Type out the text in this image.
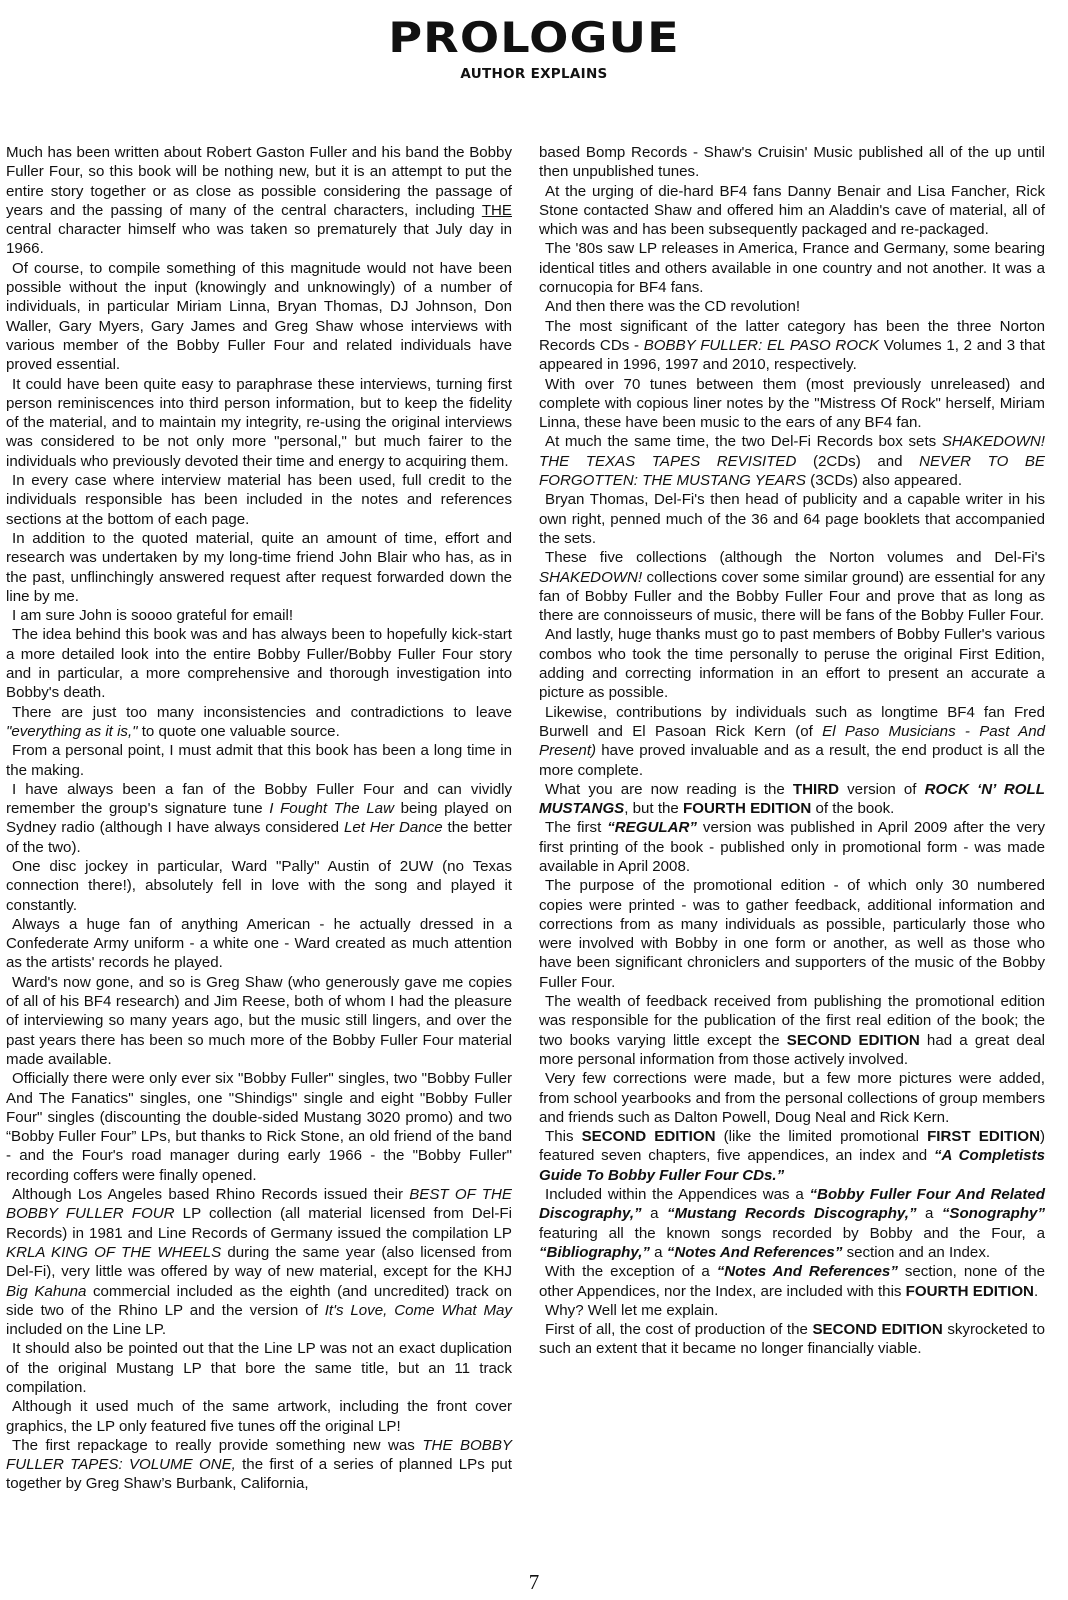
PROLOGUE
AUTHOR EXPLAINS

Much has been written about Robert Gaston Fuller and his band the Bobby Fuller Four, so this book will be nothing new, but it is an attempt to put the entire story together or as close as possible considering the passage of years and the passing of many of the central characters, including THE central character himself who was taken so prematurely that July day in 1966.

Of course, to compile something of this magnitude would not have been possible without the input (knowingly and unknowingly) of a number of individuals, in particular Miriam Linna, Bryan Thomas, DJ Johnson, Don Waller, Gary Myers, Gary James and Greg Shaw whose interviews with various member of the Bobby Fuller Four and related individuals have proved essential.

It could have been quite easy to paraphrase these interviews, turning first person reminiscences into third person information, but to keep the fidelity of the material, and to maintain my integrity, re-using the original interviews was considered to be not only more "personal," but much fairer to the individuals who previously devoted their time and energy to acquiring them.

In every case where interview material has been used, full credit to the individuals responsible has been included in the notes and references sections at the bottom of each page.

In addition to the quoted material, quite an amount of time, effort and research was undertaken by my long-time friend John Blair who has, as in the past, unflinchingly answered request after request forwarded down the line by me.

I am sure John is soooo grateful for email!

The idea behind this book was and has always been to hopefully kick-start a more detailed look into the entire Bobby Fuller/Bobby Fuller Four story and in particular, a more comprehensive and thorough investigation into Bobby's death.

There are just too many inconsistencies and contradictions to leave "everything as it is," to quote one valuable source.

From a personal point, I must admit that this book has been a long time in the making.

I have always been a fan of the Bobby Fuller Four and can vividly remember the group's signature tune I Fought The Law being played on Sydney radio (although I have always considered Let Her Dance the better of the two).

One disc jockey in particular, Ward "Pally" Austin of 2UW (no Texas connection there!), absolutely fell in love with the song and played it constantly.

Always a huge fan of anything American - he actually dressed in a Confederate Army uniform - a white one - Ward created as much attention as the artists' records he played.

Ward's now gone, and so is Greg Shaw (who generously gave me copies of all of his BF4 research) and Jim Reese, both of whom I had the pleasure of interviewing so many years ago, but the music still lingers, and over the past years there has been so much more of the Bobby Fuller Four material made available.

Officially there were only ever six "Bobby Fuller" singles, two "Bobby Fuller And The Fanatics" singles, one "Shindigs" single and eight "Bobby Fuller Four" singles (discounting the double-sided Mustang 3020 promo) and two “Bobby Fuller Four” LPs, but thanks to Rick Stone, an old friend of the band - and the Four's road manager during early 1966 - the "Bobby Fuller" recording coffers were finally opened.

Although Los Angeles based Rhino Records issued their BEST OF THE BOBBY FULLER FOUR LP collection (all material licensed from Del-Fi Records) in 1981 and Line Records of Germany issued the compilation LP KRLA KING OF THE WHEELS during the same year (also licensed from Del-Fi), very little was offered by way of new material, except for the KHJ Big Kahuna commercial included as the eighth (and uncredited) track on side two of the Rhino LP and the version of It's Love, Come What May included on the Line LP.

It should also be pointed out that the Line LP was not an exact duplication of the original Mustang LP that bore the same title, but an 11 track compilation.

Although it used much of the same artwork, including the front cover graphics, the LP only featured five tunes off the original LP!

The first repackage to really provide something new was THE BOBBY FULLER TAPES: VOLUME ONE, the first of a series of planned LPs put together by Greg Shaw’s Burbank, California,

based Bomp Records - Shaw's Cruisin' Music published all of the up until then unpublished tunes.

At the urging of die-hard BF4 fans Danny Benair and Lisa Fancher, Rick Stone contacted Shaw and offered him an Aladdin's cave of material, all of which was and has been subsequently packaged and re-packaged.

The '80s saw LP releases in America, France and Germany, some bearing identical titles and others available in one country and not another. It was a cornucopia for BF4 fans.

And then there was the CD revolution!

The most significant of the latter category has been the three Norton Records CDs - BOBBY FULLER: EL PASO ROCK Volumes 1, 2 and 3 that appeared in 1996, 1997 and 2010, respectively.

With over 70 tunes between them (most previously unreleased) and complete with copious liner notes by the "Mistress Of Rock" herself, Miriam Linna, these have been music to the ears of any BF4 fan.

At much the same time, the two Del-Fi Records box sets SHAKEDOWN! THE TEXAS TAPES REVISITED (2CDs) and NEVER TO BE FORGOTTEN: THE MUSTANG YEARS (3CDs) also appeared.

Bryan Thomas, Del-Fi's then head of publicity and a capable writer in his own right, penned much of the 36 and 64 page booklets that accompanied the sets.

These five collections (although the Norton volumes and Del-Fi's SHAKEDOWN! collections cover some similar ground) are essential for any fan of Bobby Fuller and the Bobby Fuller Four and prove that as long as there are connoisseurs of music, there will be fans of the Bobby Fuller Four.

And lastly, huge thanks must go to past members of Bobby Fuller's various combos who took the time personally to peruse the original First Edition, adding and correcting information in an effort to present an accurate a picture as possible.

Likewise, contributions by individuals such as longtime BF4 fan Fred Burwell and El Pasoan Rick Kern (of El Paso Musicians - Past And Present) have proved invaluable and as a result, the end product is all the more complete.

What you are now reading is the THIRD version of ROCK ‘N’ ROLL MUSTANGS, but the FOURTH EDITION of the book.

The first “REGULAR” version was published in April 2009 after the very first printing of the book - published only in promotional form - was made available in April 2008.

The purpose of the promotional edition - of which only 30 numbered copies were printed - was to gather feedback, additional information and corrections from as many individuals as possible, particularly those who were involved with Bobby in one form or another, as well as those who have been significant chroniclers and supporters of the music of the Bobby Fuller Four.

The wealth of feedback received from publishing the promotional edition was responsible for the publication of the first real edition of the book; the two books varying little except the SECOND EDITION had a great deal more personal information from those actively involved.

Very few corrections were made, but a few more pictures were added, from school yearbooks and from the personal collections of group members and friends such as Dalton Powell, Doug Neal and Rick Kern.

This SECOND EDITION (like the limited promotional FIRST EDITION) featured seven chapters, five appendices, an index and “A Completists Guide To Bobby Fuller Four CDs.”

Included within the Appendices was a “Bobby Fuller Four And Related Discography,” a “Mustang Records Discography,” a “Sonography” featuring all the known songs recorded by Bobby and the Four, a “Bibliography,” a “Notes And References” section and an Index.

With the exception of a “Notes And References” section, none of the other Appendices, nor the Index, are included with this FOURTH EDITION.

Why? Well let me explain.

First of all, the cost of production of the SECOND EDITION skyrocketed to such an extent that it became no longer financially viable.

7
